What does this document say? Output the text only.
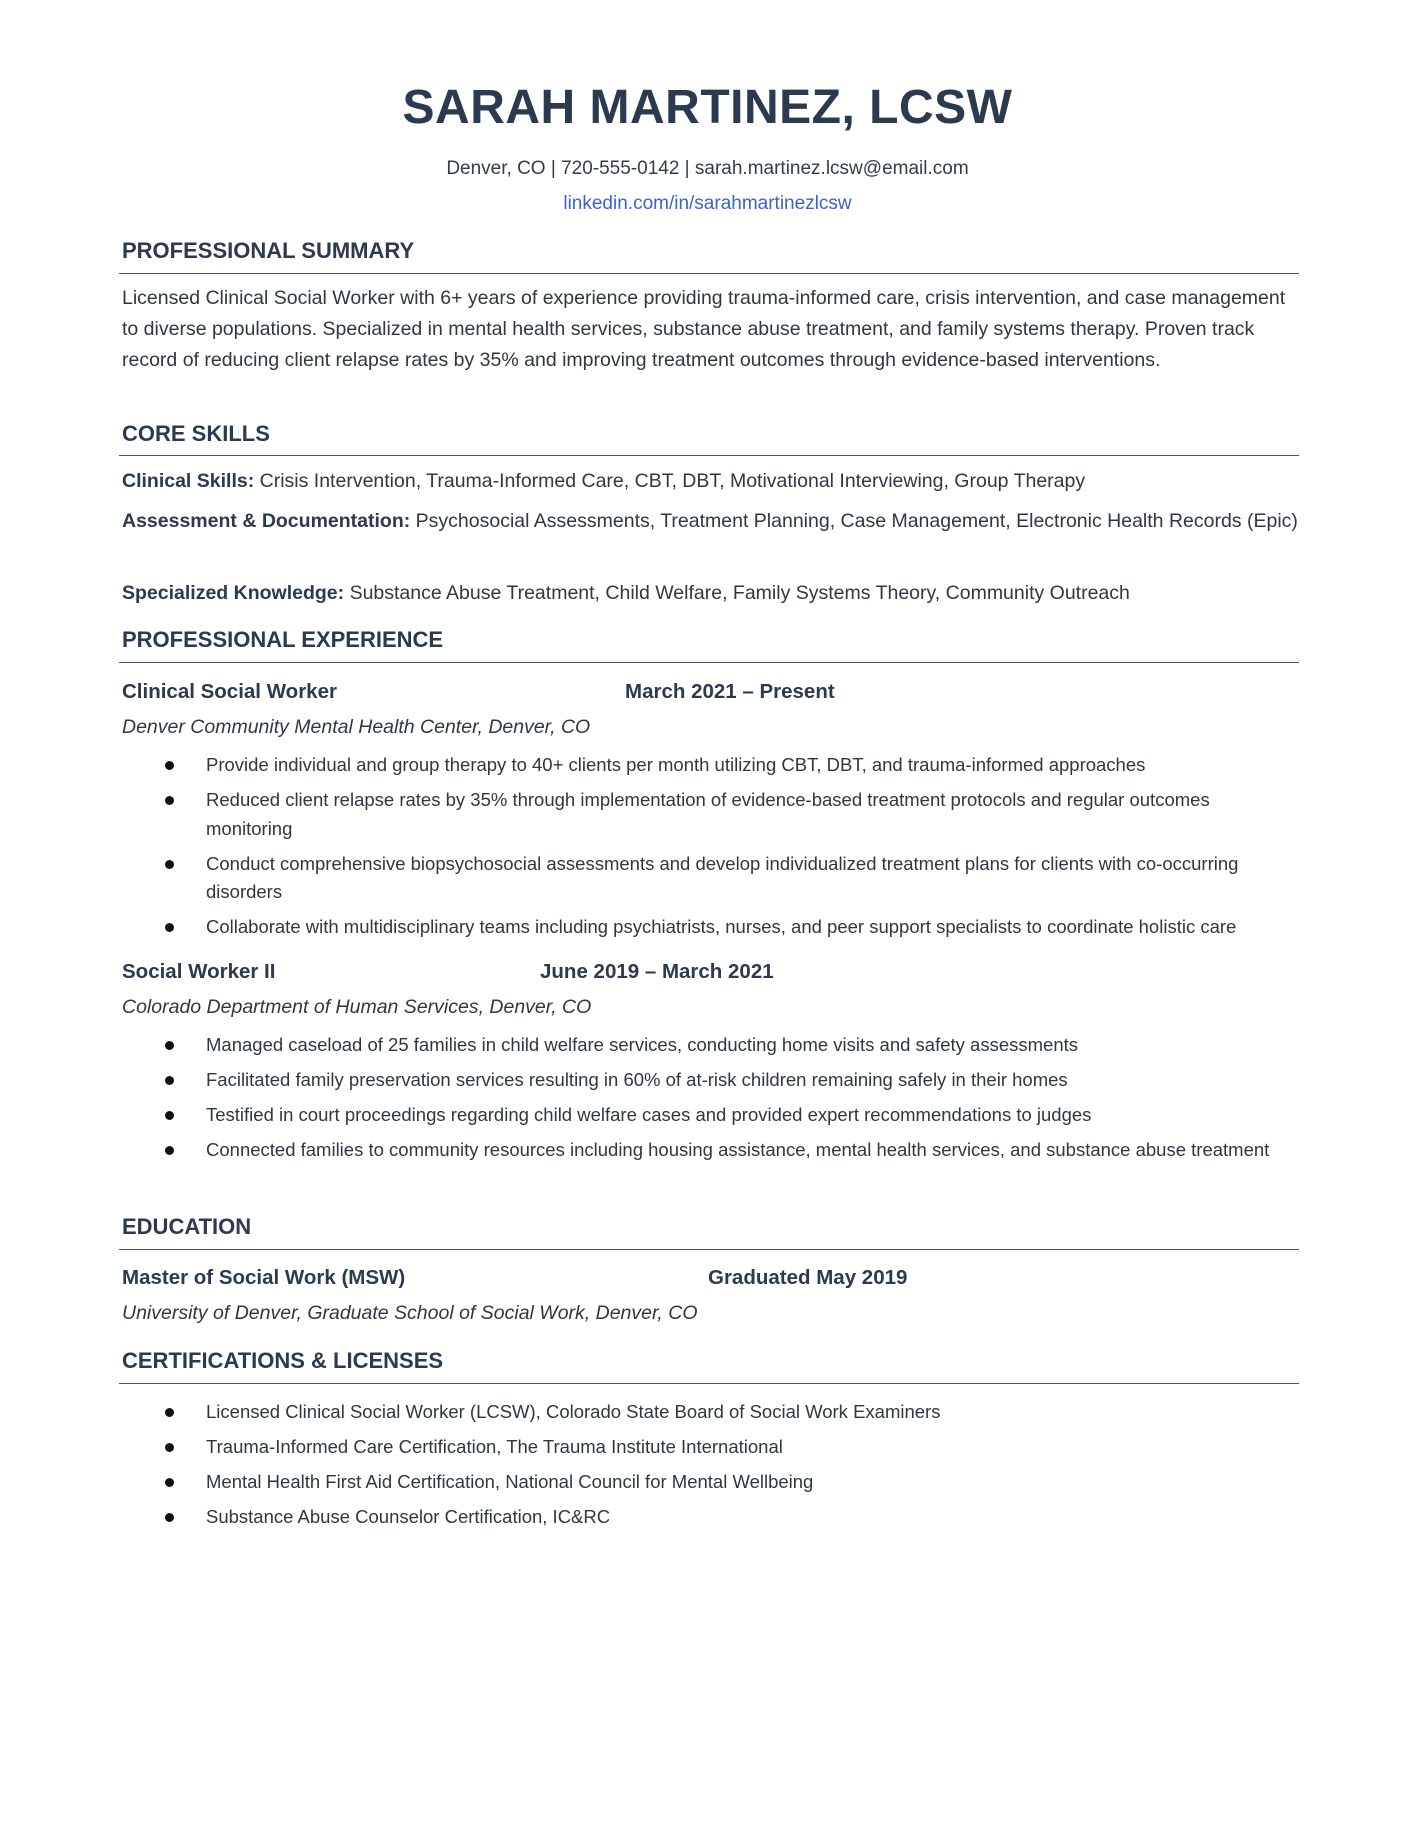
SARAH MARTINEZ, LCSW
Denver, CO | 720-555-0142 | sarah.martinez.lcsw@email.com
linkedin.com/in/sarahmartinezlcsw
PROFESSIONAL SUMMARY

Licensed Clinical Social Worker with 6+ years of experience providing trauma-informed care, crisis intervention, and case management to diverse populations. Specialized in mental health services, substance abuse treatment, and family systems therapy. Proven track record of reducing client relapse rates by 35% and improving treatment outcomes through evidence-based interventions.

CORE SKILLS

Clinical Skills: Crisis Intervention, Trauma-Informed Care, CBT, DBT, Motivational Interviewing, Group Therapy

Assessment & Documentation: Psychosocial Assessments, Treatment Planning, Case Management, Electronic Health Records (Epic)

Specialized Knowledge: Substance Abuse Treatment, Child Welfare, Family Systems Theory, Community Outreach

PROFESSIONAL EXPERIENCE
Clinical Social Worker	March 2021 – Present
Denver Community Mental Health Center, Denver, CO
Provide individual and group therapy to 40+ clients per month utilizing CBT, DBT, and trauma-informed approaches
Reduced client relapse rates by 35% through implementation of evidence-based treatment protocols and regular outcomes monitoring
Conduct comprehensive biopsychosocial assessments and develop individualized treatment plans for clients with co-occurring disorders
Collaborate with multidisciplinary teams including psychiatrists, nurses, and peer support specialists to coordinate holistic care
Social Worker II	June 2019 – March 2021
Colorado Department of Human Services, Denver, CO
Managed caseload of 25 families in child welfare services, conducting home visits and safety assessments
Facilitated family preservation services resulting in 60% of at-risk children remaining safely in their homes
Testified in court proceedings regarding child welfare cases and provided expert recommendations to judges
Connected families to community resources including housing assistance, mental health services, and substance abuse treatment
EDUCATION
Master of Social Work (MSW)	Graduated May 2019
University of Denver, Graduate School of Social Work, Denver, CO
CERTIFICATIONS & LICENSES
Licensed Clinical Social Worker (LCSW), Colorado State Board of Social Work Examiners
Trauma-Informed Care Certification, The Trauma Institute International
Mental Health First Aid Certification, National Council for Mental Wellbeing
Substance Abuse Counselor Certification, IC&RC
